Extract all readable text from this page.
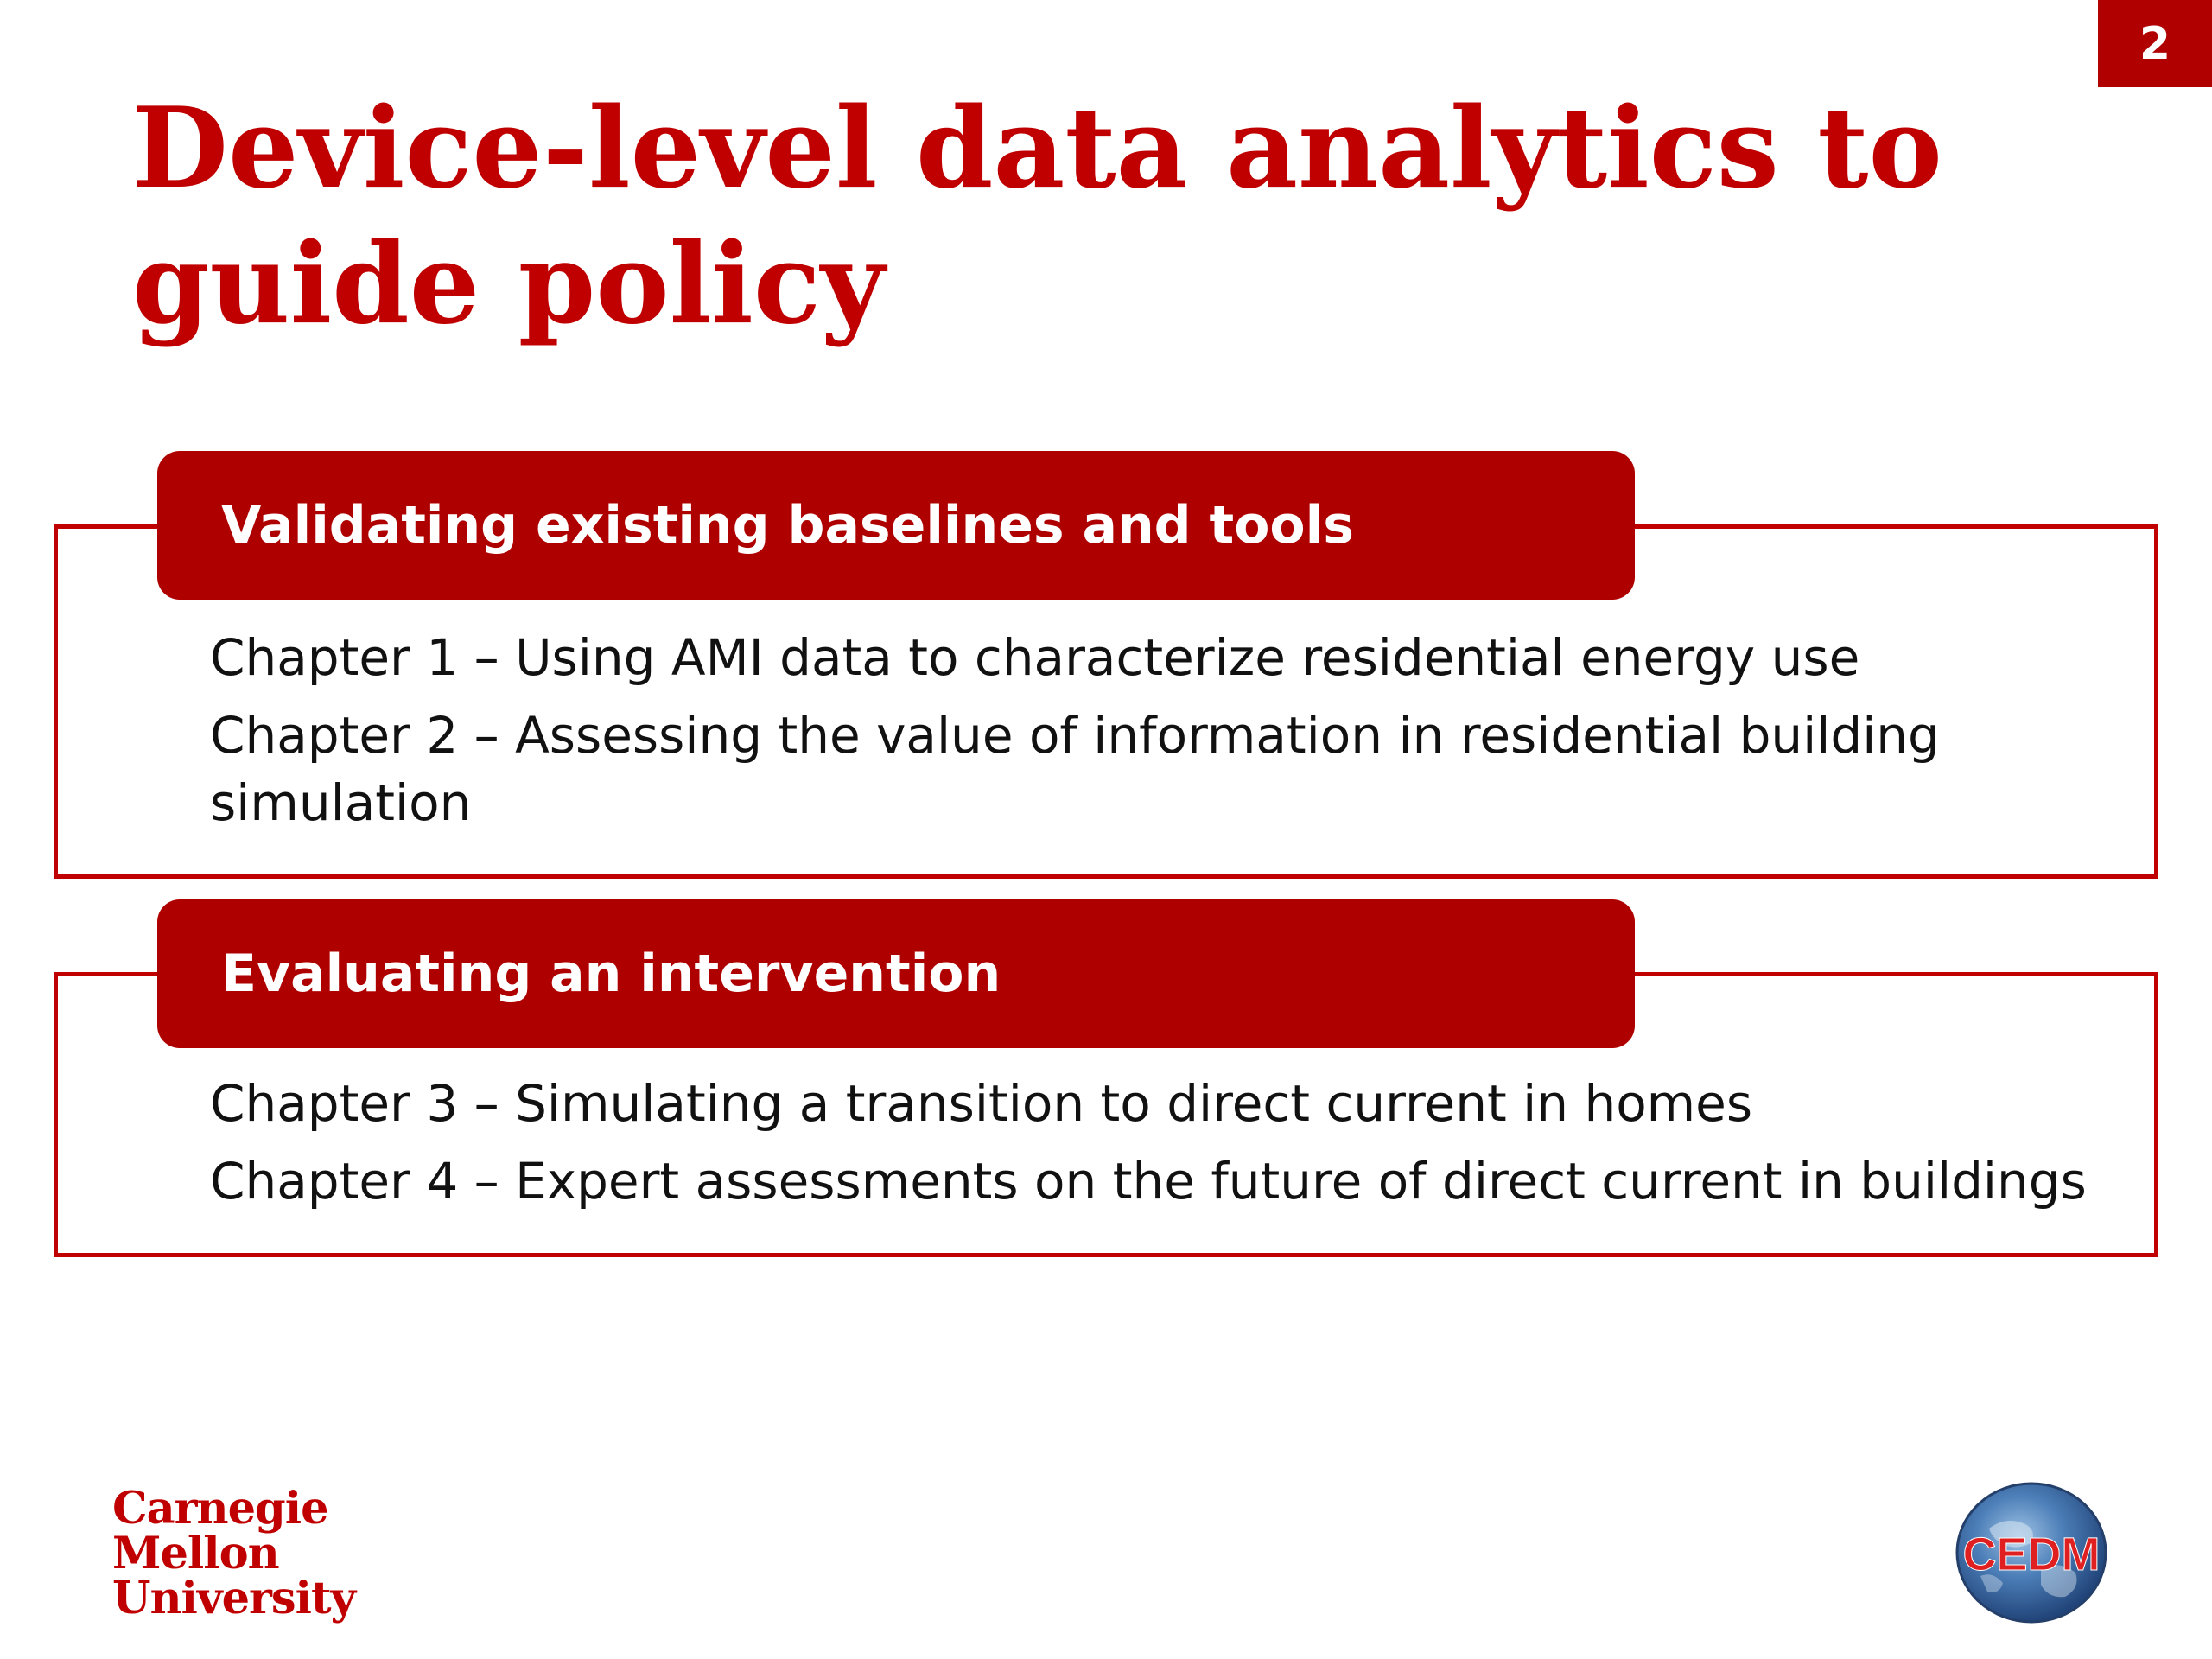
2
Device-level data analytics to guide policy
Validating existing baselines and tools
Chapter 1 – Using AMI data to characterize residential energy use
Chapter 2 – Assessing the value of information in residential building simulation
Evaluating an intervention
Chapter 3 – Simulating a transition to direct current in homes
Chapter 4 – Expert assessments on the future of direct current in buildings
Carnegie
Mellon
University
CEDM
